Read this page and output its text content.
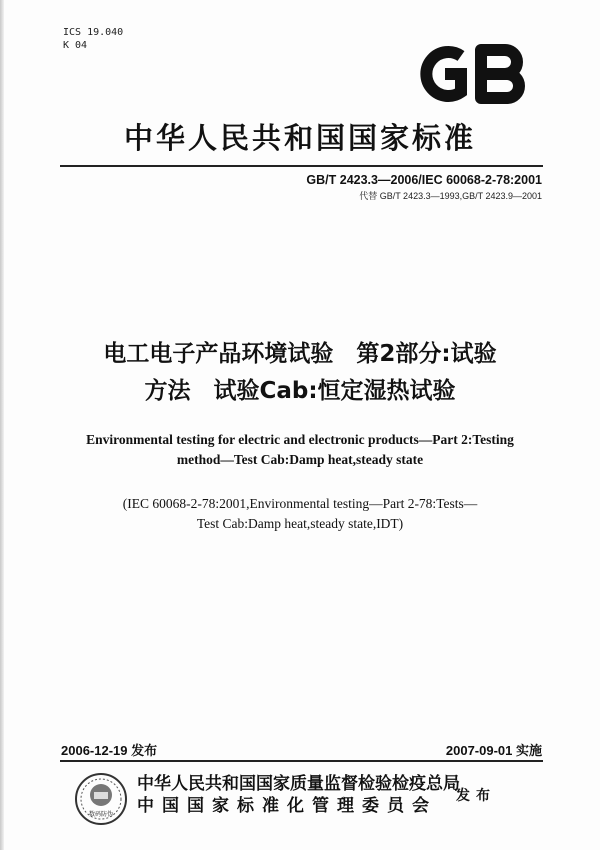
ICS 19.040
K 04
中华人民共和国国家标准
GB/T 2423.3—2006/IEC 60068-2-78:2001
代替 GB/T 2423.3—1993,GB/T 2423.9—2001
电工电子产品环境试验　第2部分:试验
方法　试验Cab:恒定湿热试验
Environmental testing for electric and electronic products—Part 2:Testing
method—Test Cab:Damp heat,steady state
(IEC 60068-2-78:2001,Environmental testing—Part 2-78:Tests—
Test Cab:Damp heat,steady state,IDT)
2006-12-19 发布	2007-09-01 实施
数码防伪
中华人民共和国国家质量监督检验检疫总局
中国国家标准化管理委员会	发布
